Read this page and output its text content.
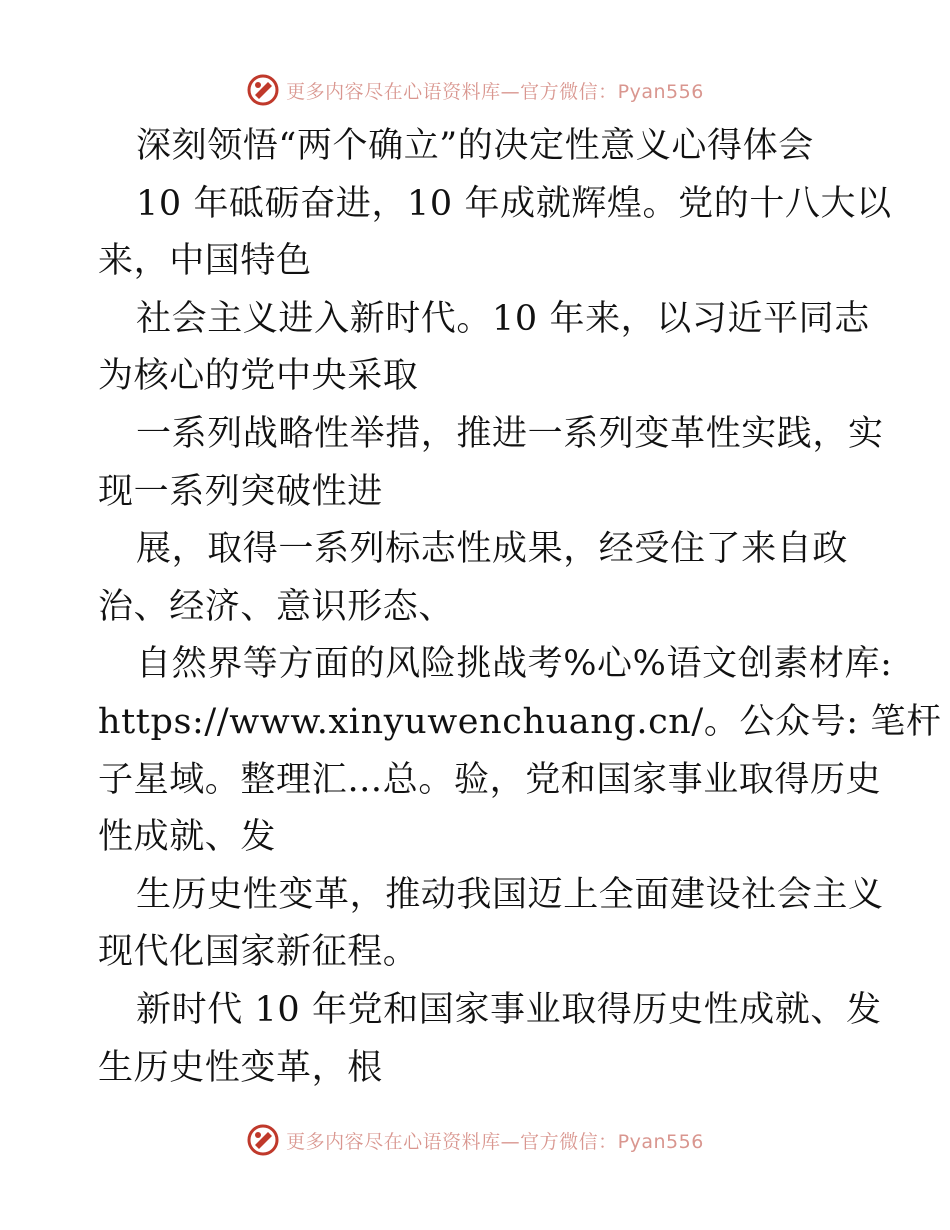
更多内容尽在心语资料库—官方微信：Pyan556
深刻领悟“两个确立”的决定性意义心得体会
10 年砥砺奋进，10 年成就辉煌。党的十八大以
来，中国特色
社会主义进入新时代。10 年来，以习近平同志
为核心的党中央采取
一系列战略性举措，推进一系列变革性实践，实
现一系列突破性进
展，取得一系列标志性成果，经受住了来自政
治、经济、意识形态、
自然界等方面的风险挑战考%心%语文创素材库:
https://www.xinyuwenchuang.cn/。公众号: 笔杆
子星域。整理汇…总。验，党和国家事业取得历史
性成就、发
生历史性变革，推动我国迈上全面建设社会主义
现代化国家新征程。
新时代 10 年党和国家事业取得历史性成就、发
生历史性变革，根
更多内容尽在心语资料库—官方微信：Pyan556
